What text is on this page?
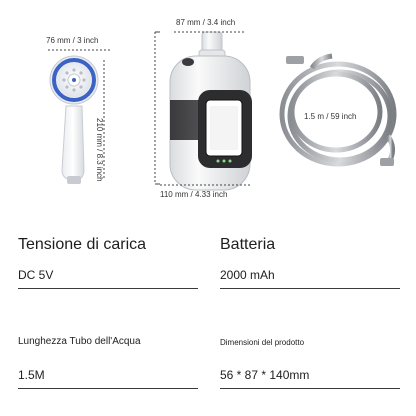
76 mm / 3 inch
210 mm / 8.3 inch
87 mm / 3.4 inch
110 mm / 4.33 inch
1.5 m / 59 inch
Tensione di carica
DC 5V
Batteria
2000 mAh
Lunghezza Tubo dell'Acqua
1.5M
Dimensioni del prodotto
56 * 87 * 140mm
